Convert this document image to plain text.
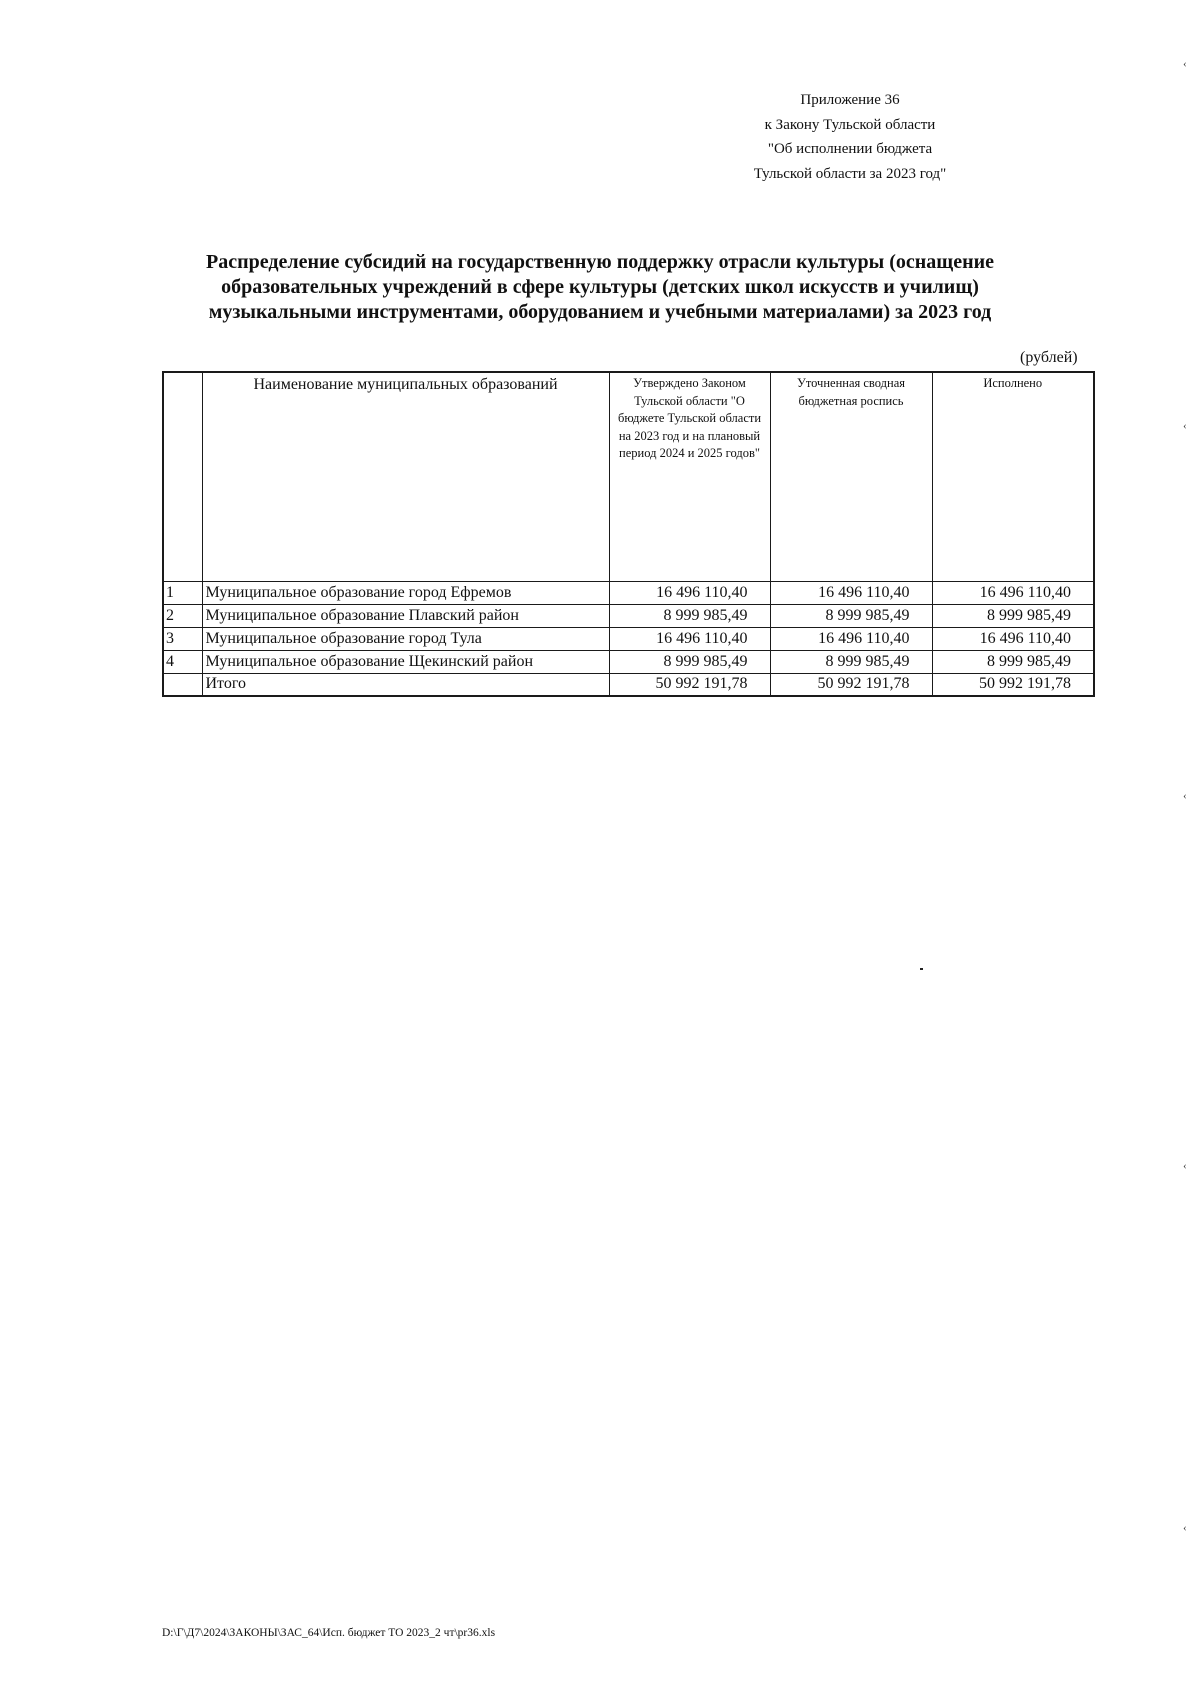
Приложение 36
к Закону Тульской области
"Об исполнении бюджета
Тульской области за 2023 год"
Распределение субсидий на государственную поддержку отрасли культуры (оснащение
образовательных учреждений в сфере культуры (детских школ искусств и училищ)
музыкальными инструментами, оборудованием и учебными материалами) за 2023 год
(рублей)
	Наименование муниципальных образований	Утверждено Законом Тульской области "О бюджете Тульской области на 2023 год и на плановый период 2024 и 2025 годов"	Уточненная сводная бюджетная роспись	Исполнено
1	Муниципальное образование город Ефремов	16 496 110,40	16 496 110,40	16 496 110,40
2	Муниципальное образование Плавский район	8 999 985,49	8 999 985,49	8 999 985,49
3	Муниципальное образование город Тула	16 496 110,40	16 496 110,40	16 496 110,40
4	Муниципальное образование Щекинский район	8 999 985,49	8 999 985,49	8 999 985,49
	Итого	50 992 191,78	50 992 191,78	50 992 191,78
D:\Г\Д7\2024\ЗАКОНЫ\ЗАС_64\Исп. бюджет ТО 2023_2 чт\pr36.xls
‹
‹
‹
‹
‹
